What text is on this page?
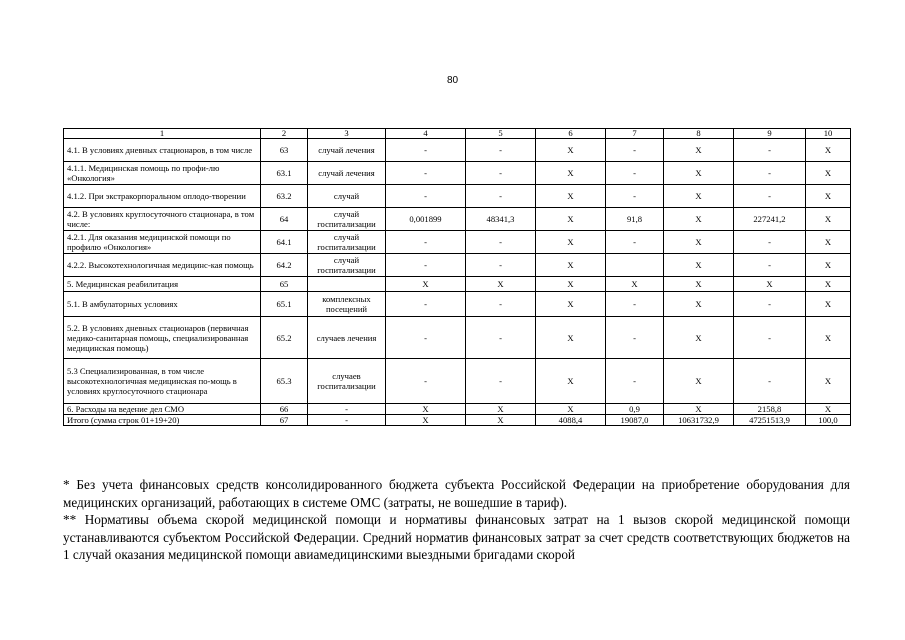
80
1	2	3	4	5	6	7	8	9	10
4.1. В условиях дневных стационаров, в том числе	63	случай лечения	-	-	X	-	X	-	X
4.1.1. Медицинская помощь по профи-лю «Онкология»	63.1	случай лечения	-	-	X	-	X	-	X
4.1.2. При экстракорпоральном оплодо-творении	63.2	случай	-	-	X	-	X	-	X
4.2. В условиях круглосуточного стационара, в том числе:	64	случай госпитализации	0,001899	48341,3	X	91,8	X	227241,2	X
4.2.1. Для оказания медицинской помощи по профилю «Онкология»	64.1	случай госпитализации	-	-	X	-	X	-	X
4.2.2. Высокотехнологичная медицинс-кая помощь	64.2	случай госпитализации	-	-	X		X	-	X
5. Медицинская реабилитация	65		X	X	X	X	X	X	X
5.1. В амбулаторных условиях	65.1	комплексных посещений	-	-	X	-	X	-	X
5.2. В условиях дневных стационаров (первичная медико-санитарная помощь, специализированная медицинская помощь)	65.2	случаев лечения	-	-	X	-	X	-	X
5.3 Специализированная, в том числе высокотехнологичная медицинская по-мощь в условиях круглосуточного стационара	65.3	случаев госпитализации	-	-	X	-	X	-	X
6. Расходы на ведение дел СМО	66	-	X	X	X	0,9	X	2158,8	X
Итого (сумма строк 01+19+20)	67	-	X	X	4088,4	19087,0	10631732,9	47251513,9	100,0

* Без учета финансовых средств консолидированного бюджета субъекта Российской Федерации на приобретение оборудования для медицинских организаций, работающих в системе ОМС (затраты, не вошедшие в тариф).

** Нормативы объема скорой медицинской помощи и нормативы финансовых затрат на 1 вызов скорой медицинской помощи устанавливаются субъектом Российской Федерации. Средний норматив финансовых затрат за счет средств соответствующих бюджетов на 1 случай оказания медицинской помощи авиамедицинскими выездными бригадами скорой
